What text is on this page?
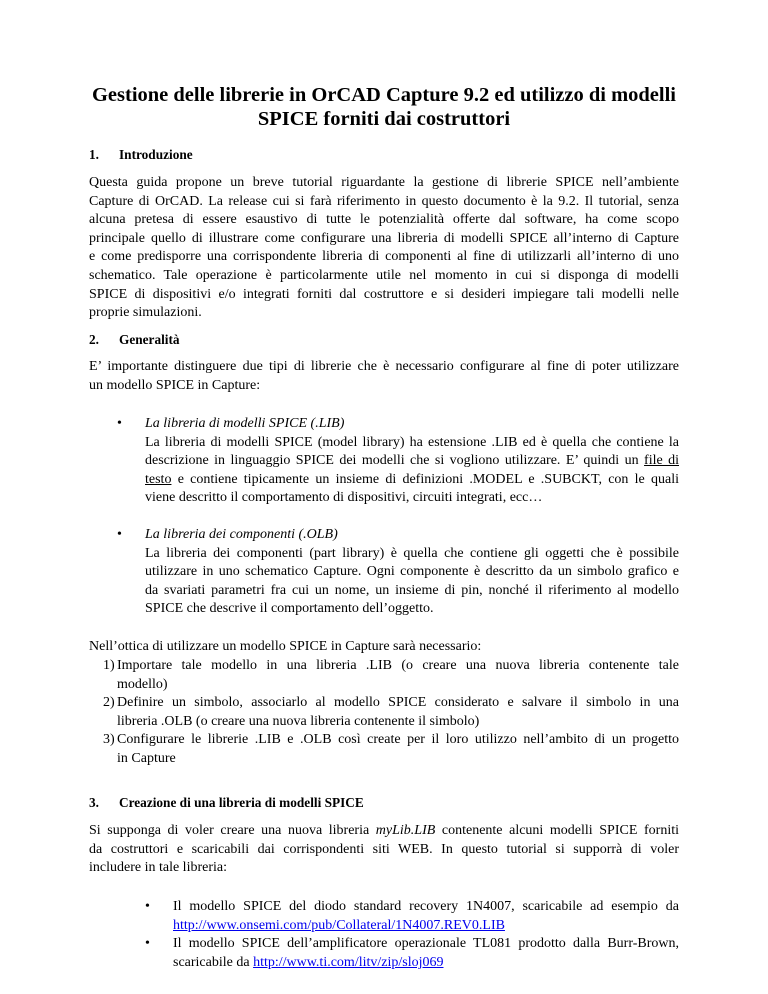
Gestione delle librerie in OrCAD Capture 9.2 ed utilizzo di modelli
SPICE forniti dai costruttori
1. Introduzione
Questa guida propone un breve tutorial riguardante la gestione di librerie SPICE nell’ambiente
Capture di OrCAD. La release cui si farà riferimento in questo documento è la 9.2. Il tutorial, senza
alcuna pretesa di essere esaustivo di tutte le potenzialità offerte dal software, ha come scopo
principale quello di illustrare come configurare una libreria di modelli SPICE all’interno di Capture
e come predisporre una corrispondente libreria di componenti al fine di utilizzarli all’interno di uno
schematico. Tale operazione è particolarmente utile nel momento in cui si disponga di modelli
SPICE di dispositivi e/o integrati forniti dal costruttore e si desideri impiegare tali modelli nelle
proprie simulazioni.
2. Generalità
E’ importante distinguere due tipi di librerie che è necessario configurare al fine di poter utilizzare
un modello SPICE in Capture:
• La libreria di modelli SPICE (.LIB)
La libreria di modelli SPICE (model library) ha estensione .LIB ed è quella che contiene la
descrizione in linguaggio SPICE dei modelli che si vogliono utilizzare. E’ quindi un file di
testo e contiene tipicamente un insieme di definizioni .MODEL e .SUBCKT, con le quali
viene descritto il comportamento di dispositivi, circuiti integrati, ecc…
• La libreria dei componenti (.OLB)
La libreria dei componenti (part library) è quella che contiene gli oggetti che è possibile
utilizzare in uno schematico Capture. Ogni componente è descritto da un simbolo grafico e
da svariati parametri fra cui un nome, un insieme di pin, nonché il riferimento al modello
SPICE che descrive il comportamento dell’oggetto.
Nell’ottica di utilizzare un modello SPICE in Capture sarà necessario:
1) Importare tale modello in una libreria .LIB (o creare una nuova libreria contenente tale
modello)
2) Definire un simbolo, associarlo al modello SPICE considerato e salvare il simbolo in una
libreria .OLB (o creare una nuova libreria contenente il simbolo)
3) Configurare le librerie .LIB e .OLB così create per il loro utilizzo nell’ambito di un progetto
in Capture
3. Creazione di una libreria di modelli SPICE
Si supponga di voler creare una nuova libreria myLib.LIB contenente alcuni modelli SPICE forniti
da costruttori e scaricabili dai corrispondenti siti WEB. In questo tutorial si supporrà di voler
includere in tale libreria:
• Il modello SPICE del diodo standard recovery 1N4007, scaricabile ad esempio da
http://www.onsemi.com/pub/Collateral/1N4007.REV0.LIB
• Il modello SPICE dell’amplificatore operazionale TL081 prodotto dalla Burr-Brown,
scaricabile da http://www.ti.com/litv/zip/sloj069
